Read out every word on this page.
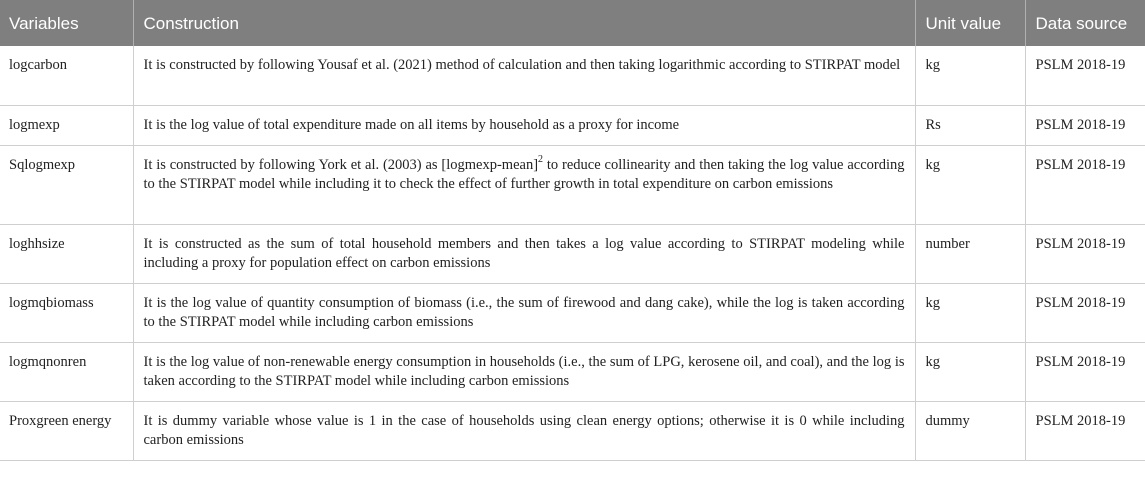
Variables	Construction	Unit value	Data source
logcarbon	It is constructed by following Yousaf et al. (2021) method of calculation and then taking logarithmic according to STIRPAT model	kg	PSLM 2018-19
logmexp	It is the log value of total expenditure made on all items by household as a proxy for income	Rs	PSLM 2018-19
Sqlogmexp	It is constructed by following York et al. (2003) as [logmexp-mean]$^2$ to reduce collinearity and then taking the log value according to the STIRPAT model while including it to check the effect of further growth in total expenditure on carbon emissions	kg	PSLM 2018-19
loghhsize	It is constructed as the sum of total household members and then takes a log value according to STIRPAT modeling while including a proxy for population effect on carbon emissions	number	PSLM 2018-19
logmqbiomass	It is the log value of quantity consumption of biomass (i.e., the sum of firewood and dang cake), while the log is taken according to the STIRPAT model while including carbon emissions	kg	PSLM 2018-19
logmqnonren	It is the log value of non-renewable energy consumption in households (i.e., the sum of LPG, kerosene oil, and coal), and the log is taken according to the STIRPAT model while including carbon emissions	kg	PSLM 2018-19
Proxgreen energy	It is dummy variable whose value is 1 in the case of households using clean energy options; otherwise it is 0 while including carbon emissions	dummy	PSLM 2018-19
